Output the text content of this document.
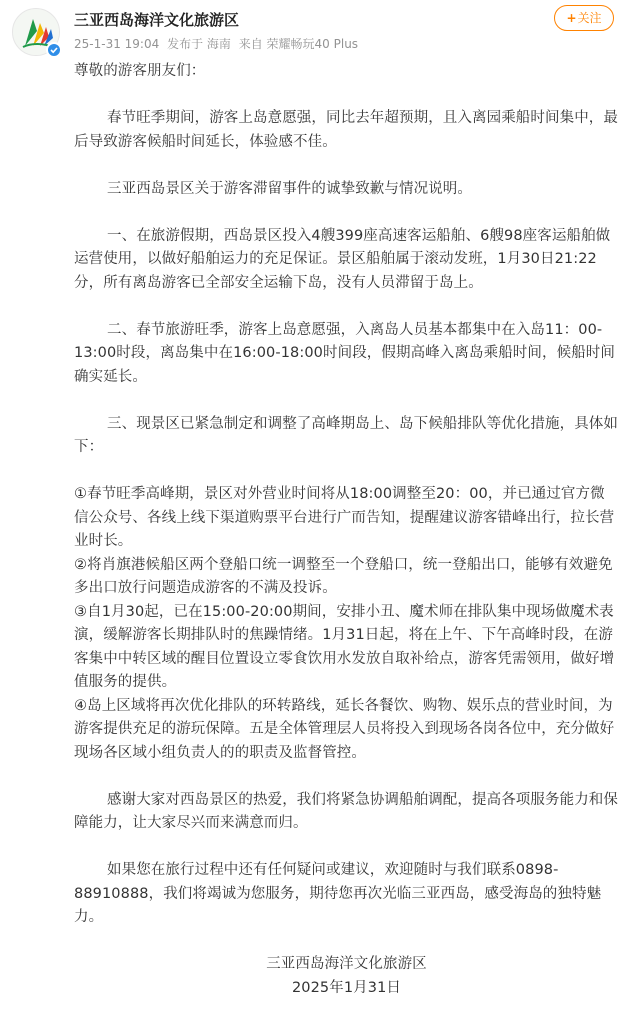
三亚西岛海洋文化旅游区
25-1-31 19:04 发布于 海南 来自 荣耀畅玩40 Plus
+关注

尊敬的游客朋友们：

春节旺季期间，游客上岛意愿强，同比去年超预期，且入离园乘船时间集中，最后导致游客候船时间延长，体验感不佳。

三亚西岛景区关于游客滞留事件的诚挚致歉与情况说明。

一、在旅游假期，西岛景区投入4艘399座高速客运船舶、6艘98座客运船舶做运营使用，以做好船舶运力的充足保证。景区船舶属于滚动发班，1月30日21:22分，所有离岛游客已全部安全运输下岛，没有人员滞留于岛上。

二、春节旅游旺季，游客上岛意愿强，入离岛人员基本都集中在入岛11：00-13:00时段，离岛集中在16:00-18:00时间段，假期高峰入离岛乘船时间，候船时间确实延长。

三、现景区已紧急制定和调整了高峰期岛上、岛下候船排队等优化措施，具体如下：

①春节旺季高峰期，景区对外营业时间将从18:00调整至20：00，并已通过官方微信公众号、各线上线下渠道购票平台进行广而告知，提醒建议游客错峰出行，拉长营业时长。

②将肖旗港候船区两个登船口统一调整至一个登船口，统一登船出口，能够有效避免多出口放行问题造成游客的不满及投诉。

③自1月30起，已在15:00-20:00期间，安排小丑、魔术师在排队集中现场做魔术表演，缓解游客长期排队时的焦躁情绪。1月31日起，将在上午、下午高峰时段，在游客集中中转区域的醒目位置设立零食饮用水发放自取补给点，游客凭需领用，做好增值服务的提供。

④岛上区域将再次优化排队的环转路线，延长各餐饮、购物、娱乐点的营业时间，为游客提供充足的游玩保障。五是全体管理层人员将投入到现场各岗各位中，充分做好现场各区域小组负责人的的职责及监督管控。

感谢大家对西岛景区的热爱，我们将紧急协调船舶调配，提高各项服务能力和保障能力，让大家尽兴而来满意而归。

如果您在旅行过程中还有任何疑问或建议，欢迎随时与我们联系0898-88910888，我们将竭诚为您服务，期待您再次光临三亚西岛，感受海岛的独特魅力。

三亚西岛海洋文化旅游区

2025年1月31日
